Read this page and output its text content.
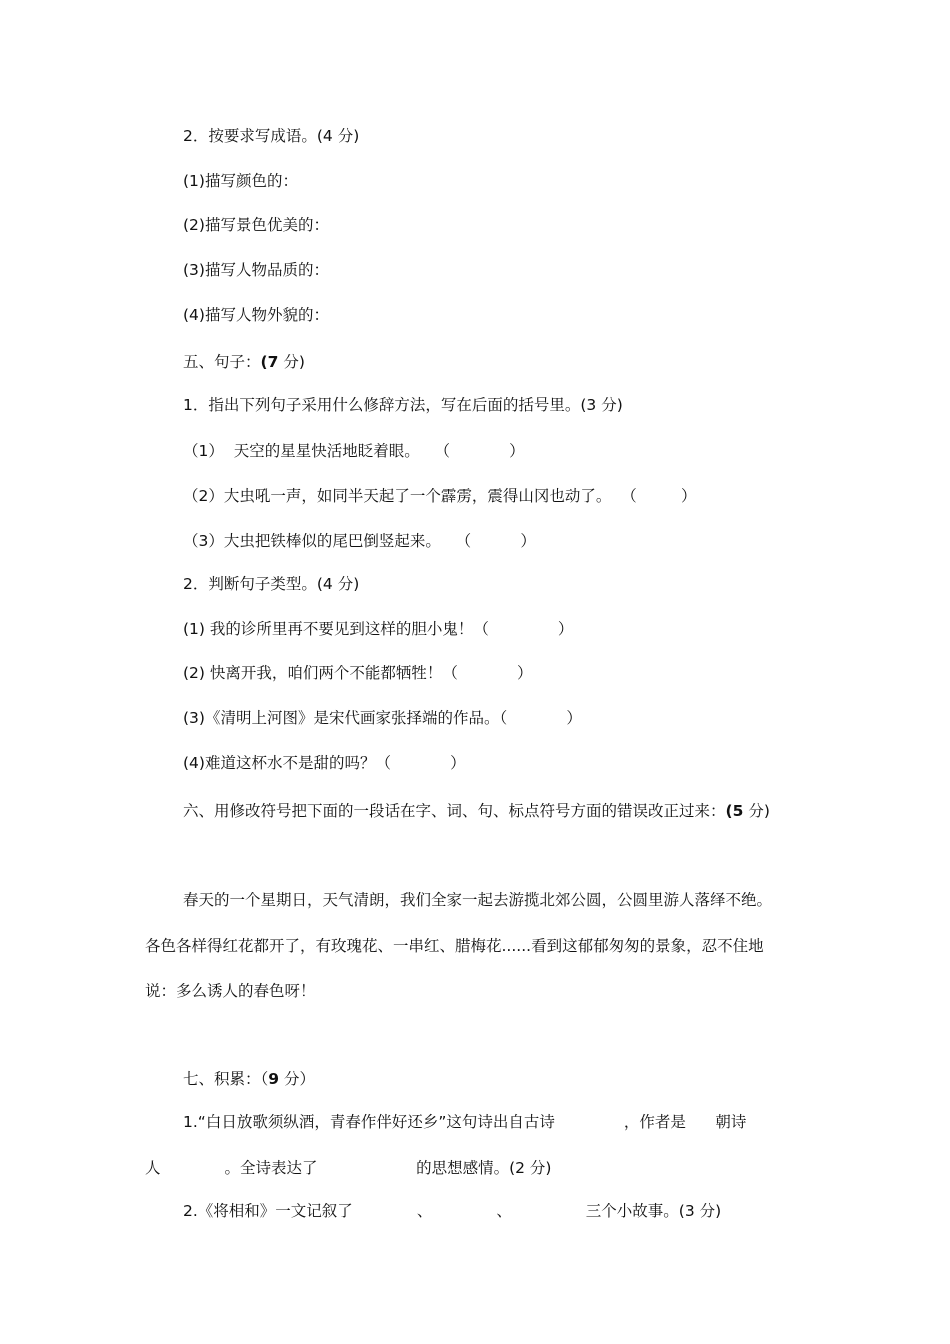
2．按要求写成语。(4 分)
(1)描写颜色的：
(2)描写景色优美的：
(3)描写人物品质的：
(4)描写人物外貌的：
五、句子：(7 分)
1．指出下列句子采用什么修辞方法，写在后面的括号里。(3 分)
（1）  天空的星星快活地眨着眼。   （            ）
（2）大虫吼一声，如同半天起了一个霹雳，震得山冈也动了。  （         ）
（3）大虫把铁棒似的尾巴倒竖起来。   （          ）
2．判断句子类型。(4 分)
(1) 我的诊所里再不要见到这样的胆小鬼！（              ）
(2) 快离开我，咱们两个不能都牺牲！（            ）
(3)《清明上河图》是宋代画家张择端的作品。（            ）
(4)难道这杯水不是甜的吗？（            ）
六、用修改符号把下面的一段话在字、词、句、标点符号方面的错误改正过来：(5 分)
春天的一个星期日，天气清朗，我们全家一起去游揽北郊公圆，公圆里游人落绎不绝。
各色各样得红花都开了，有玫瑰花、一串红、腊梅花......看到这郁郁匆匆的景象，忍不住地
说：多么诱人的春色呀！
七、积累：（9 分）
1.“白日放歌须纵酒，青春作伴好还乡”这句诗出自古诗              ，作者是      朝诗
人             。全诗表达了                    的思想感情。(2 分)
2.《将相和》一文记叙了             、             、               三个小故事。(3 分)
